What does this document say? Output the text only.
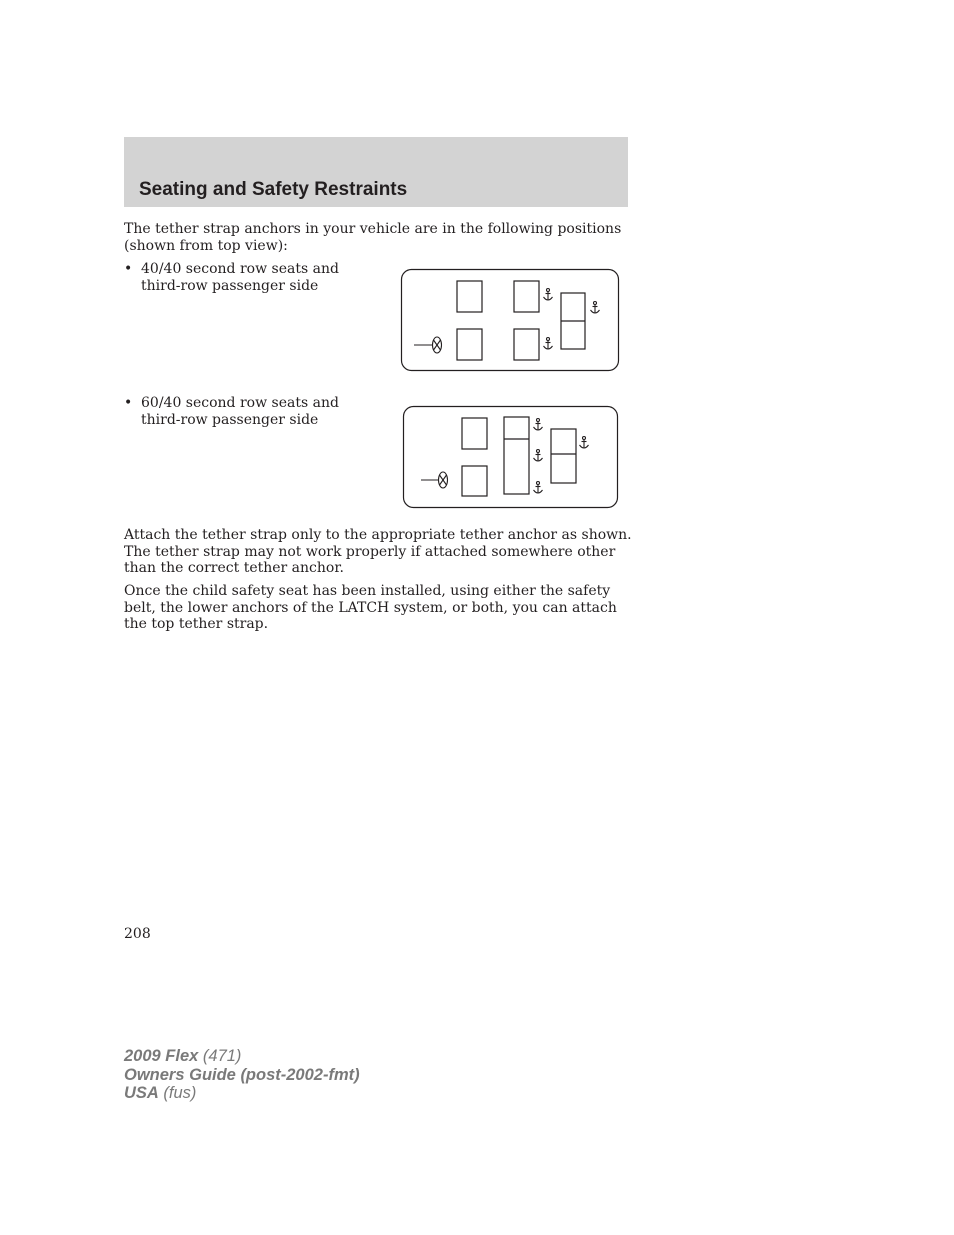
Seating and Safety Restraints

The tether strap anchors in your vehicle are in the following positions (shown from top view):

• 40/40 second row seats and third-row passenger side
• 60/40 second row seats and third-row passenger side

Attach the tether strap only to the appropriate tether anchor as shown. The tether strap may not work properly if attached somewhere other than the correct tether anchor.

Once the child safety seat has been installed, using either the safety belt, the lower anchors of the LATCH system, or both, you can attach the top tether strap.

208
2009 Flex (471)
Owners Guide (post-2002-fmt)
USA (fus)
